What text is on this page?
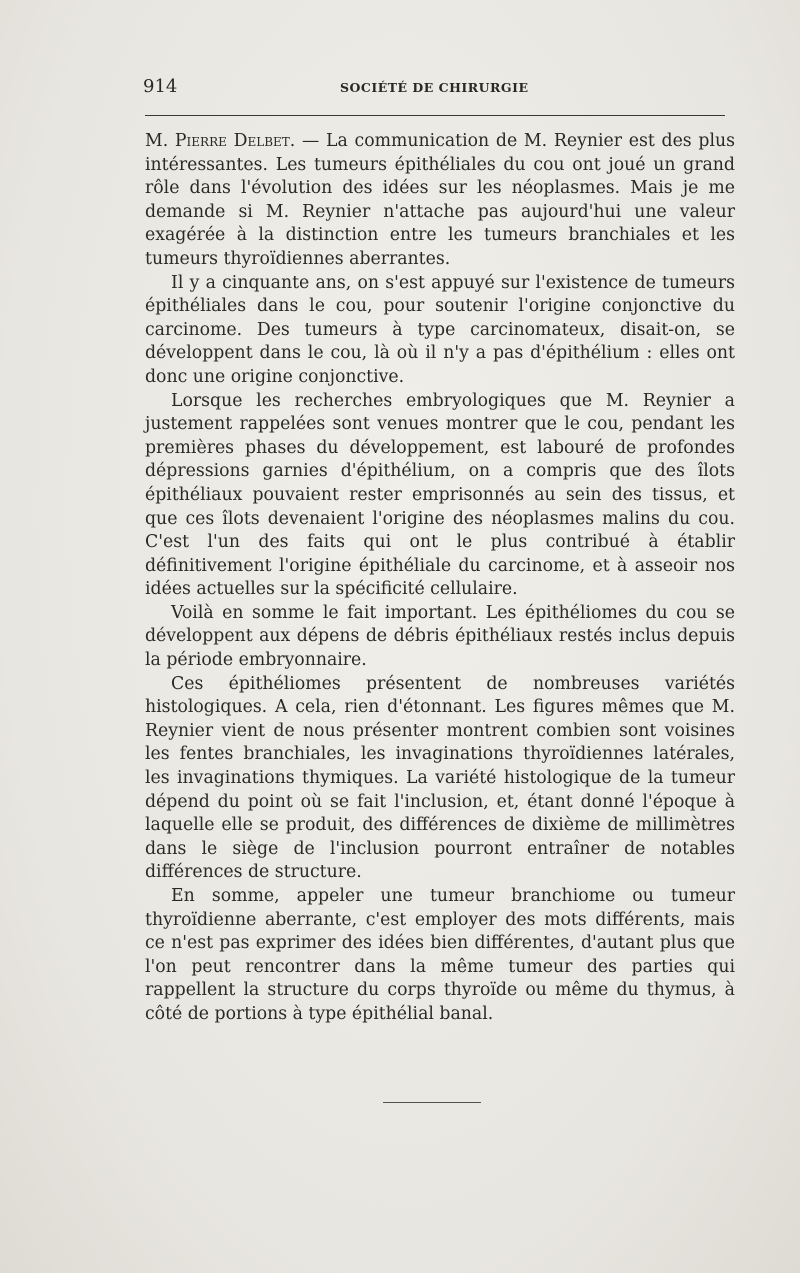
914	SOCIÉTÉ DE CHIRURGIE

M. Pierre Delbet. — La communication de M. Reynier est des plus intéressantes. Les tumeurs épithéliales du cou ont joué un grand rôle dans l'évolution des idées sur les néoplasmes. Mais je me demande si M. Reynier n'attache pas aujourd'hui une valeur exagérée à la distinction entre les tumeurs branchiales et les tumeurs thyroïdiennes aberrantes.

Il y a cinquante ans, on s'est appuyé sur l'existence de tumeurs épithéliales dans le cou, pour soutenir l'origine conjonctive du carcinome. Des tumeurs à type carcinomateux, disait-on, se développent dans le cou, là où il n'y a pas d'épithélium : elles ont donc une origine conjonctive.

Lorsque les recherches embryologiques que M. Reynier a justement rappelées sont venues montrer que le cou, pendant les premières phases du développement, est labouré de profondes dépressions garnies d'épithélium, on a compris que des îlots épithéliaux pouvaient rester emprisonnés au sein des tissus, et que ces îlots devenaient l'origine des néoplasmes malins du cou. C'est l'un des faits qui ont le plus contribué à établir définitivement l'origine épithéliale du carcinome, et à asseoir nos idées actuelles sur la spécificité cellulaire.

Voilà en somme le fait important. Les épithéliomes du cou se développent aux dépens de débris épithéliaux restés inclus depuis la période embryonnaire.

Ces épithéliomes présentent de nombreuses variétés histologiques. A cela, rien d'étonnant. Les figures mêmes que M. Reynier vient de nous présenter montrent combien sont voisines les fentes branchiales, les invaginations thyroïdiennes latérales, les invaginations thymiques. La variété histologique de la tumeur dépend du point où se fait l'inclusion, et, étant donné l'époque à laquelle elle se produit, des différences de dixième de millimètres dans le siège de l'inclusion pourront entraîner de notables différences de structure.

En somme, appeler une tumeur branchiome ou tumeur thyroïdienne aberrante, c'est employer des mots différents, mais ce n'est pas exprimer des idées bien différentes, d'autant plus que l'on peut rencontrer dans la même tumeur des parties qui rappellent la structure du corps thyroïde ou même du thymus, à côté de portions à type épithélial banal.
